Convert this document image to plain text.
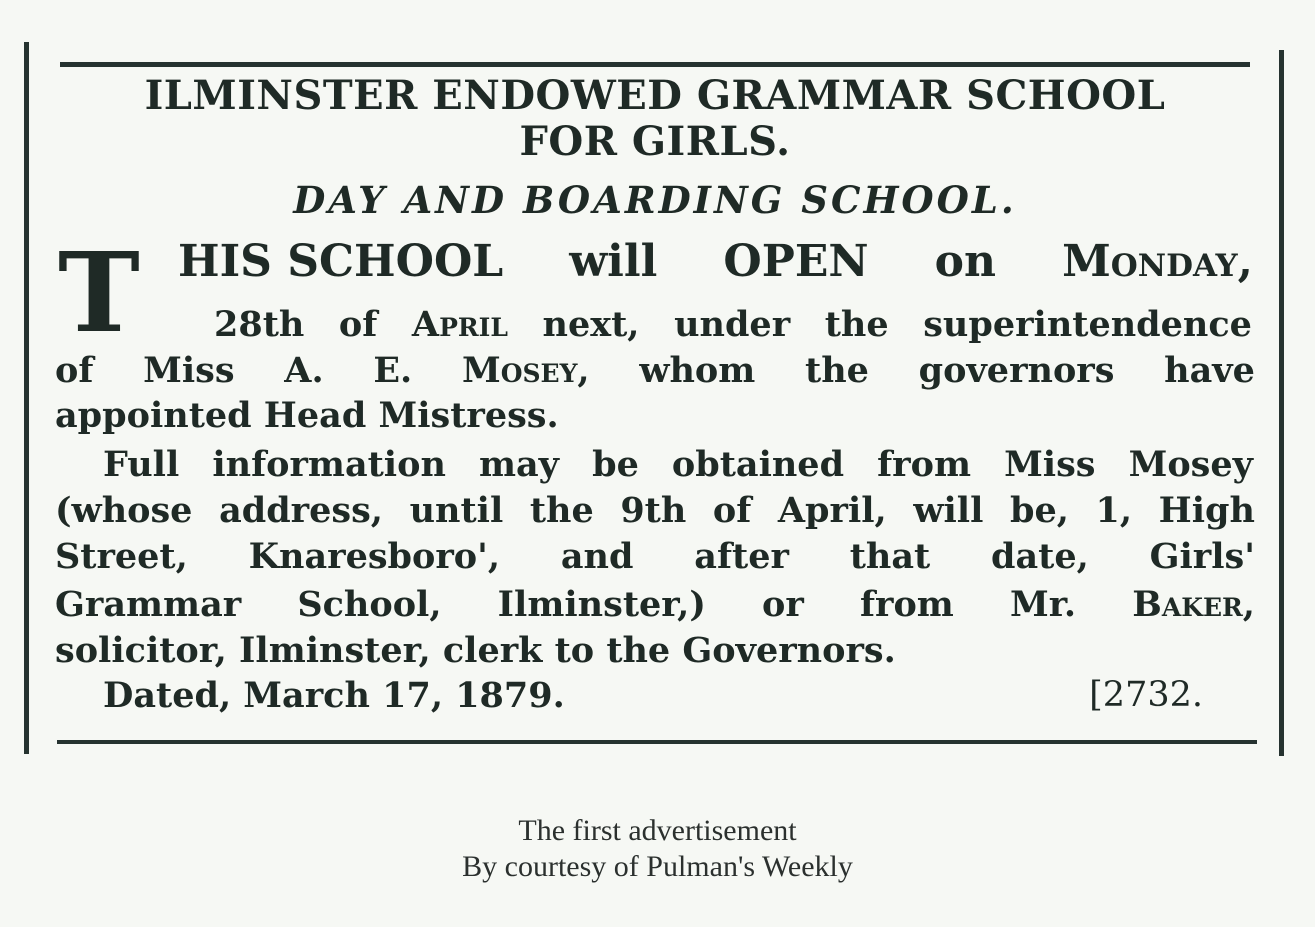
ILMINSTER ENDOWED GRAMMAR SCHOOL
FOR GIRLS.
DAY AND BOARDING SCHOOL.
T HIS SCHOOL will OPEN on Monday,
28th of April next, under the superintendence
of Miss A. E. Mosey, whom the governors have
appointed Head Mistress.
Full information may be obtained from Miss Mosey
(whose address, until the 9th of April, will be, 1, High
Street, Knaresboro', and after that date, Girls'
Grammar School, Ilminster,) or from Mr. Baker,
solicitor, Ilminster, clerk to the Governors.
Dated, March 17, 1879.	[2732.
The first advertisement
By courtesy of Pulman's Weekly
